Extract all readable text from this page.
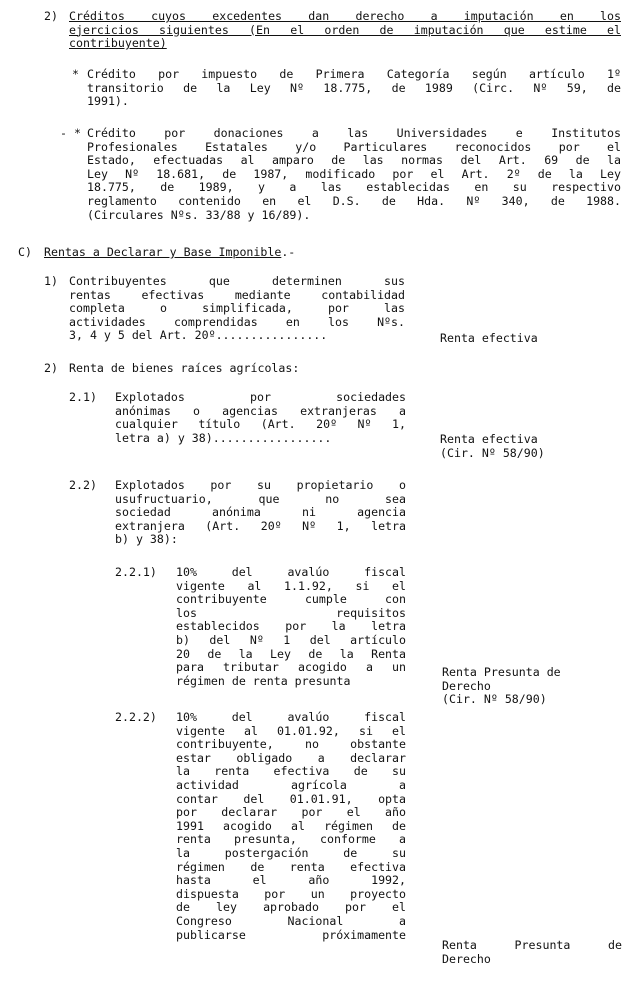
2) Créditos cuyos excedentes dan derecho a imputación en los
ejercicios siguientes (En el orden de imputación que estime el
contribuyente)
* Crédito por impuesto de Primera Categoría según artículo 1º
transitorio de la Ley Nº 18.775, de 1989 (Circ. Nº 59, de
1991).
- * Crédito por donaciones a las Universidades e Institutos
Profesionales Estatales y/o Particulares reconocidos por el
Estado, efectuadas al amparo de las normas del Art. 69 de la
Ley Nº 18.681, de 1987, modificado por el Art. 2º de la Ley
18.775, de 1989, y a las establecidas en su respectivo
reglamento contenido en el D.S. de Hda. Nº 340, de 1988.
(Circulares Nºs. 33/88 y 16/89).
C) Rentas a Declarar y Base Imponible.-
1) Contribuyentes que determinen sus
rentas efectivas mediante contabilidad
completa o simplificada, por las
actividades comprendidas en los Nºs.
3, 4 y 5 del Art. 20º................	Renta efectiva
2) Renta de bienes raíces agrícolas:
2.1) Explotados por sociedades
anónimas o agencias extranjeras a
cualquier título (Art. 20º Nº 1,
letra a) y 38).................	Renta efectiva
(Cir. Nº 58/90)
2.2) Explotados por su propietario o
usufructuario, que no sea
sociedad anónima ni agencia
extranjera (Art. 20º Nº 1, letra
b) y 38):
2.2.1) 10% del avalúo fiscal
vigente al 1.1.92, si el
contribuyente cumple con
los requisitos
establecidos por la letra
b) del Nº 1 del artículo
20 de la Ley de la Renta
para tributar acogido a un
régimen de renta presunta
Renta Presunta de
Derecho
(Cir. Nº 58/90)
2.2.2) 10% del avalúo fiscal
vigente al 01.01.92, si el
contribuyente, no obstante
estar obligado a declarar
la renta efectiva de su
actividad agrícola a
contar del 01.01.91, opta
por declarar por el año
1991 acogido al régimen de
renta presunta, conforme a
la postergación de su
régimen de renta efectiva
hasta el año 1992,
dispuesta por un proyecto
de ley aprobado por el
Congreso Nacional a
publicarse próximamente
Renta Presunta de
Derecho
